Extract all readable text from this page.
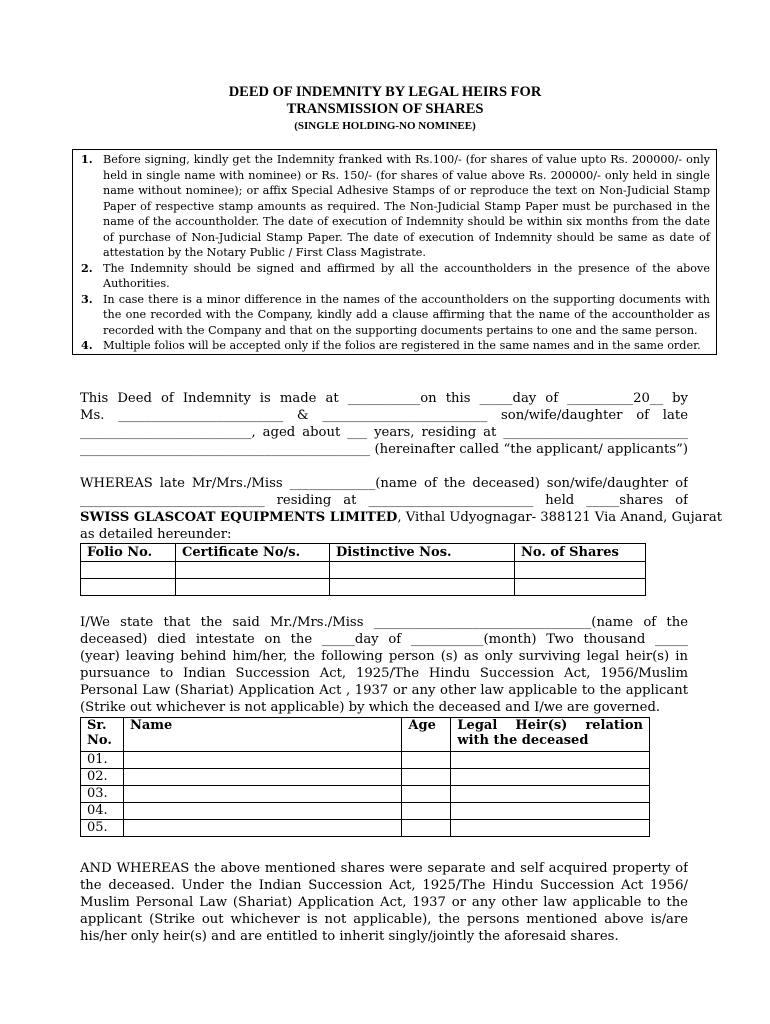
DEED OF INDEMNITY BY LEGAL HEIRS FOR
TRANSMISSION OF SHARES
(SINGLE HOLDING-NO NOMINEE)
1. Before signing, kindly get the Indemnity franked with Rs.100/- (for shares of value upto Rs. 200000/- only held in single name with nominee) or Rs. 150/- (for shares of value above Rs. 200000/- only held in single name without nominee); or affix Special Adhesive Stamps of or reproduce the text on Non-Judicial Stamp Paper of respective stamp amounts as required. The Non-Judicial Stamp Paper must be purchased in the name of the accountholder. The date of execution of Indemnity should be within six months from the date of purchase of Non-Judicial Stamp Paper. The date of execution of Indemnity should be same as date of attestation by the Notary Public / First Class Magistrate.
2. The Indemnity should be signed and affirmed by all the accountholders in the presence of the above Authorities.
3. In case there is a minor difference in the names of the accountholders on the supporting documents with the one recorded with the Company, kindly add a clause affirming that the name of the accountholder as recorded with the Company and that on the supporting documents pertains to one and the same person.
4. Multiple folios will be accepted only if the folios are registered in the same names and in the same order.
This Deed of Indemnity is made at ___________on this _____day of __________20__ by
Ms. _________________________ & _________________________ son/wife/daughter of late
__________________________, aged about ___ years, residing at ____________________________
____________________________________________ (hereinafter called “the applicant/ applicants”)
WHEREAS late Mr/Mrs./Miss _____________(name of the deceased) son/wife/daughter of
____________________________ residing at _________________________ held _____shares of
SWISS GLASCOAT EQUIPMENTS LIMITED, Vithal Udyognagar- 388121 Via Anand, Gujarat
as detailed hereunder:
Folio No.	Certificate No/s.	Distinctive Nos.	No. of Shares

I/We state that the said Mr./Mrs./Miss _________________________________(name of the
deceased) died intestate on the _____day of ___________(month) Two thousand _____
(year) leaving behind him/her, the following person (s) as only surviving legal heir(s) in
pursuance to Indian Succession Act, 1925/The Hindu Succession Act, 1956/Muslim
Personal Law (Shariat) Application Act , 1937 or any other law applicable to the applicant
(Strike out whichever is not applicable) by which the deceased and I/we are governed.
Sr.
No.	Name	Age	Legal    Heir(s)    relation
with the deceased

01.			
02.			
03.			
04.			
05.			
AND WHEREAS the above mentioned shares were separate and self acquired property of
the deceased. Under the Indian Succession Act, 1925/The Hindu Succession Act 1956/
Muslim Personal Law (Shariat) Application Act, 1937 or any other law applicable to the
applicant (Strike out whichever is not applicable), the persons mentioned above is/are
his/her only heir(s) and are entitled to inherit singly/jointly the aforesaid shares.
